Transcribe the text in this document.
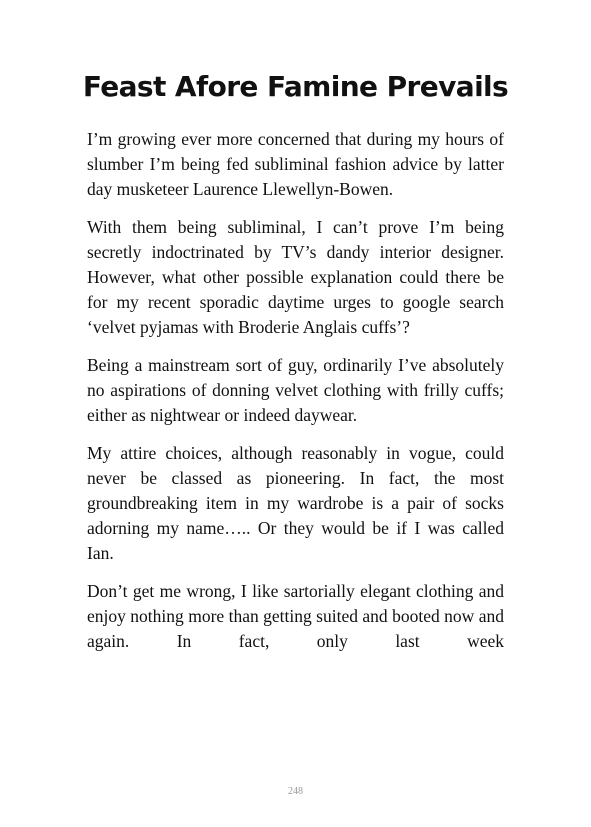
Feast Afore Famine Prevails

I’m growing ever more concerned that during my hours of slumber I’m being fed subliminal fashion advice by latter day musketeer Laurence Llewellyn-Bowen.

With them being subliminal, I can’t prove I’m being secretly indoctrinated by TV’s dandy interior designer. However, what other possible explanation could there be for my recent sporadic daytime urges to google search ‘velvet pyjamas with Broderie Anglais cuffs’?

Being a mainstream sort of guy, ordinarily I’ve absolutely no aspirations of donning velvet clothing with frilly cuffs; either as nightwear or indeed daywear.

My attire choices, although reasonably in vogue, could never be classed as pioneering. In fact, the most groundbreaking item in my wardrobe is a pair of socks adorning my name….. Or they would be if I was called Ian.

Don’t get me wrong, I like sartorially elegant clothing and enjoy nothing more than getting suited and booted now and again. In fact, only last week

248
